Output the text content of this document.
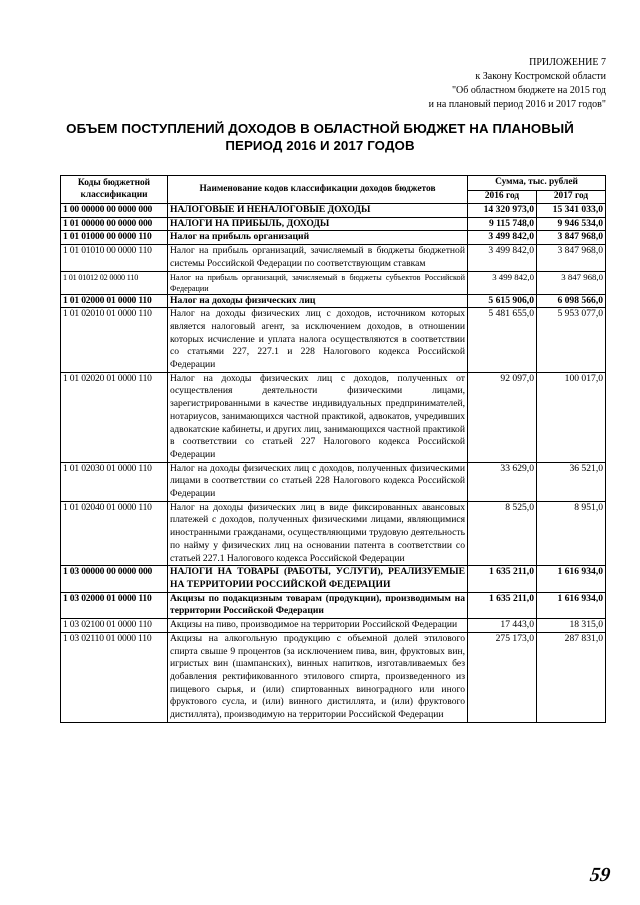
ПРИЛОЖЕНИЕ 7
к Закону Костромской области
"Об областном бюджете на 2015 год
и на плановый период 2016 и 2017 годов"
ОБЪЕМ ПОСТУПЛЕНИЙ ДОХОДОВ В ОБЛАСТНОЙ БЮДЖЕТ НА ПЛАНОВЫЙ
ПЕРИОД 2016 И 2017 ГОДОВ
Коды бюджетной классификации	Наименование кодов классификации доходов бюджетов	Сумма, тыс. рублей	
		2016 год	2017 год
1 00 00000 00 0000 000	НАЛОГОВЫЕ И НЕНАЛОГОВЫЕ ДОХОДЫ	14 320 973,0	15 341 033,0
1 01 00000 00 0000 000	НАЛОГИ НА ПРИБЫЛЬ, ДОХОДЫ	9 115 748,0	9 946 534,0
1 01 01000 00 0000 110	Налог на прибыль организаций	3 499 842,0	3 847 968,0
1 01 01010 00 0000 110	Налог на прибыль организаций, зачисляемый в бюджеты бюджетной системы Российской Федерации по соответствующим ставкам	3 499 842,0	3 847 968,0
1 01 01012 02 0000 110	Налог на прибыль организаций, зачисляемый в бюджеты субъектов Российской Федерации	3 499 842,0	3 847 968,0
1 01 02000 01 0000 110	Налог на доходы физических лиц	5 615 906,0	6 098 566,0
1 01 02010 01 0000 110	Налог на доходы физических лиц с доходов, источником которых является налоговый агент, за исключением доходов, в отношении которых исчисление и уплата налога осуществляются в соответствии со статьями 227, 227.1 и 228 Налогового кодекса Российской Федерации	5 481 655,0	5 953 077,0
1 01 02020 01 0000 110	Налог на доходы физических лиц с доходов, полученных от осуществления деятельности физическими лицами, зарегистрированными в качестве индивидуальных предпринимателей, нотариусов, занимающихся частной практикой, адвокатов, учредивших адвокатские кабинеты, и других лиц, занимающихся частной практикой в соответствии со статьей 227 Налогового кодекса Российской Федерации	92 097,0	100 017,0
1 01 02030 01 0000 110	Налог на доходы физических лиц с доходов, полученных физическими лицами в соответствии со статьей 228 Налогового кодекса Российской Федерации	33 629,0	36 521,0
1 01 02040 01 0000 110	Налог на доходы физических лиц в виде фиксированных авансовых платежей с доходов, полученных физическими лицами, являющимися иностранными гражданами, осуществляющими трудовую деятельность по найму у физических лиц на основании патента в соответствии со статьей 227.1 Налогового кодекса Российской Федерации	8 525,0	8 951,0
1 03 00000 00 0000 000	НАЛОГИ НА ТОВАРЫ (РАБОТЫ, УСЛУГИ), РЕАЛИЗУЕМЫЕ НА ТЕРРИТОРИИ РОССИЙСКОЙ ФЕДЕРАЦИИ	1 635 211,0	1 616 934,0
1 03 02000 01 0000 110	Акцизы по подакцизным товарам (продукции), производимым на территории Российской Федерации	1 635 211,0	1 616 934,0
1 03 02100 01 0000 110	Акцизы на пиво, производимое на территории Российской Федерации	17 443,0	18 315,0
1 03 02110 01 0000 110	Акцизы на алкогольную продукцию с объемной долей этилового спирта свыше 9 процентов (за исключением пива, вин, фруктовых вин, игристых вин (шампанских), винных напитков, изготавливаемых без добавления ректификованного этилового спирта, произведенного из пищевого сырья, и (или) спиртованных виноградного или иного фруктового сусла, и (или) винного дистиллята, и (или) фруктового дистиллята), производимую на территории Российской Федерации	275 173,0	287 831,0
59
